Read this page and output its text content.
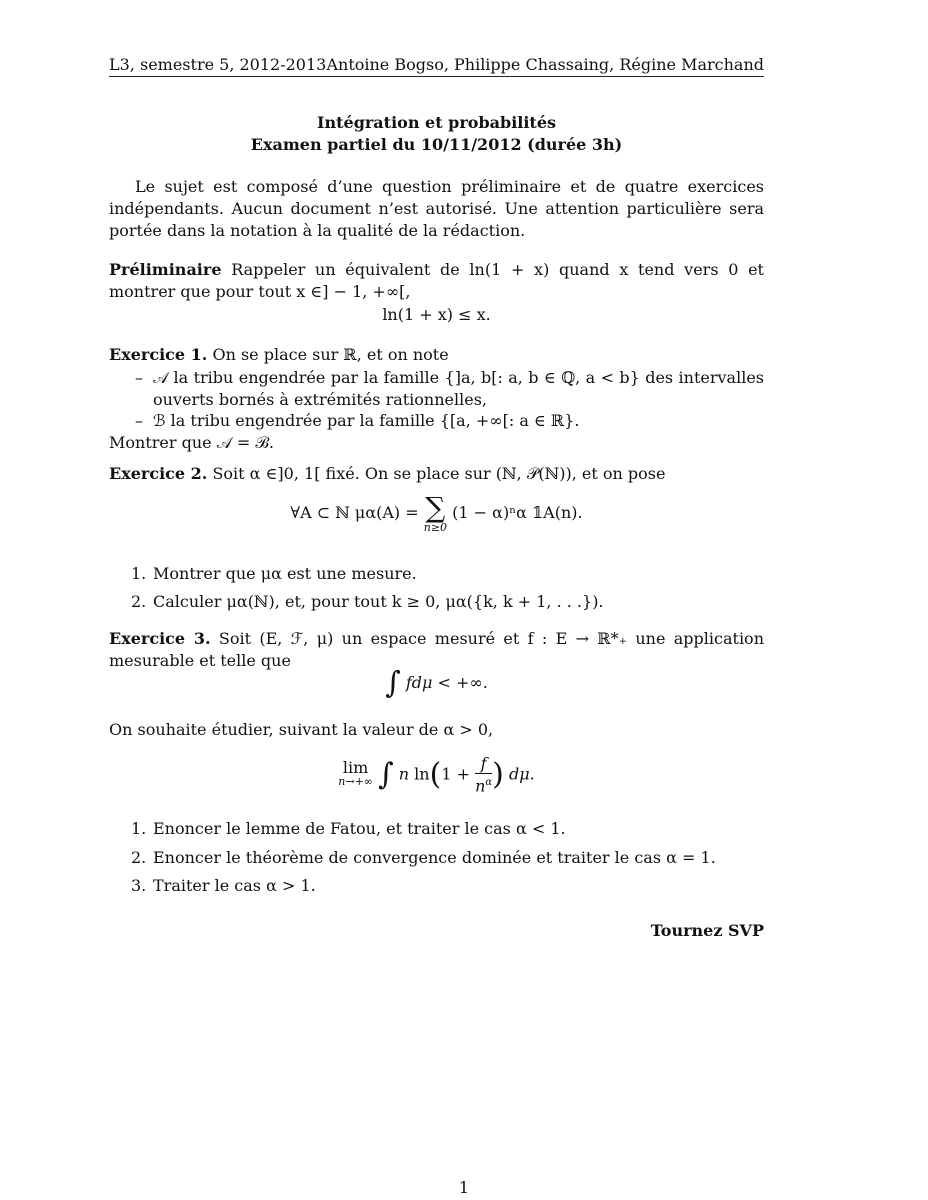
L3, semestre 5, 2012-2013 Antoine Bogso, Philippe Chassaing, Régine Marchand
Intégration et probabilités
Examen partiel du 10/11/2012 (durée 3h)
Le sujet est composé d’une question préliminaire et de quatre exercices indépendants. Aucun document n’est autorisé. Une attention particulière sera portée dans la notation à la qualité de la rédaction.
Préliminaire Rappeler un équivalent de ln(1 + x) quand x tend vers 0 et montrer que pour tout x ∈] − 1, +∞[,
ln(1 + x) ≤ x.
Exercice 1. On se place sur ℝ, et on note
– 𝒜 la tribu engendrée par la famille {]a, b[: a, b ∈ ℚ, a < b} des intervalles ouverts bornés à extrémités rationnelles,
– ℬ la tribu engendrée par la famille {[a, +∞[: a ∈ ℝ}.
Montrer que 𝒜 = ℬ.
Exercice 2. Soit α ∈]0, 1[ fixé. On se place sur (ℕ, 𝒫(ℕ)), et on pose
∀A ⊂ ℕ μα(A) = ∑
n≥0
(1 − α)ⁿα 𝟙A(n).
1. Montrer que μα est une mesure.
2. Calculer μα(ℕ), et, pour tout k ≥ 0, μα({k, k + 1, . . .}).
Exercice 3. Soit (E, ℱ, μ) un espace mesuré et f : E → ℝ*₊ une application mesurable et telle que
∫ fdμ < +∞.
On souhaite étudier, suivant la valeur de α > 0,
lim
n→+∞ ∫ n $\ln(1 + \frac{f}{n^\alpha}$ ) dμ.
1. Enoncer le lemme de Fatou, et traiter le cas α < 1.
2. Enoncer le théorème de convergence dominée et traiter le cas α = 1.
3. Traiter le cas α > 1.
Tournez SVP
1
